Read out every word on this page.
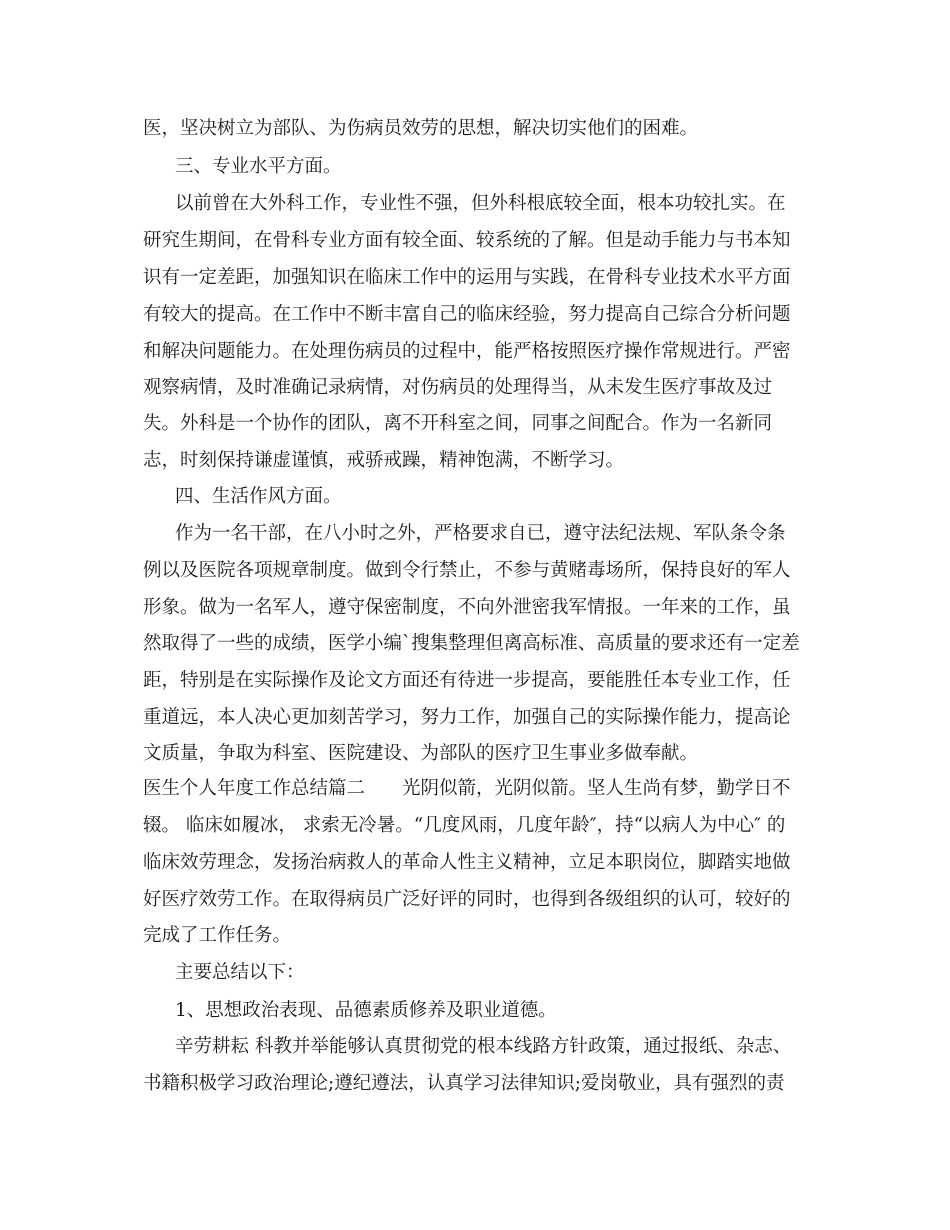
医，坚决树立为部队、为伤病员效劳的思想，解决切实他们的困难。
三、专业水平方面。
以前曾在大外科工作，专业性不强，但外科根底较全面，根本功较扎实。在
研究生期间，在骨科专业方面有较全面、较系统的了解。但是动手能力与书本知
识有一定差距，加强知识在临床工作中的运用与实践，在骨科专业技术水平方面
有较大的提高。在工作中不断丰富自己的临床经验，努力提高自己综合分析问题
和解决问题能力。在处理伤病员的过程中，能严格按照医疗操作常规进行。严密
观察病情，及时准确记录病情，对伤病员的处理得当，从未发生医疗事故及过
失。外科是一个协作的团队，离不开科室之间，同事之间配合。作为一名新同
志，时刻保持谦虚谨慎，戒骄戒躁，精神饱满，不断学习。
四、生活作风方面。
作为一名干部，在八小时之外，严格要求自已，遵守法纪法规、军队条令条
例以及医院各项规章制度。做到令行禁止，不参与黄赌毒场所，保持良好的军人
形象。做为一名军人，遵守保密制度，不向外泄密我军情报。一年来的工作，虽
然取得了一些的成绩，医学小编`搜集整理但离高标准、高质量的要求还有一定差
距，特别是在实际操作及论文方面还有待进一步提高，要能胜任本专业工作，任
重道远，本人决心更加刻苦学习，努力工作，加强自己的实际操作能力，提高论
文质量，争取为科室、医院建设、为部队的医疗卫生事业多做奉献。
医生个人年度工作总结篇二　　光阴似箭，光阴似箭。坚人生尚有梦，勤学日不
辍。 临床如履冰， 求索无冷暑。“几度风雨，几度年龄″，持“以病人为中心″ 的
临床效劳理念，发扬治病救人的革命人性主义精神，立足本职岗位，脚踏实地做
好医疗效劳工作。在取得病员广泛好评的同时，也得到各级组织的认可，较好的
完成了工作任务。
主要总结以下：
1、思想政治表现、品德素质修养及职业道德。
辛劳耕耘 科教并举能够认真贯彻党的根本线路方针政策，通过报纸、杂志、
书籍积极学习政治理论;遵纪遵法，认真学习法律知识;爱岗敬业，具有强烈的责
